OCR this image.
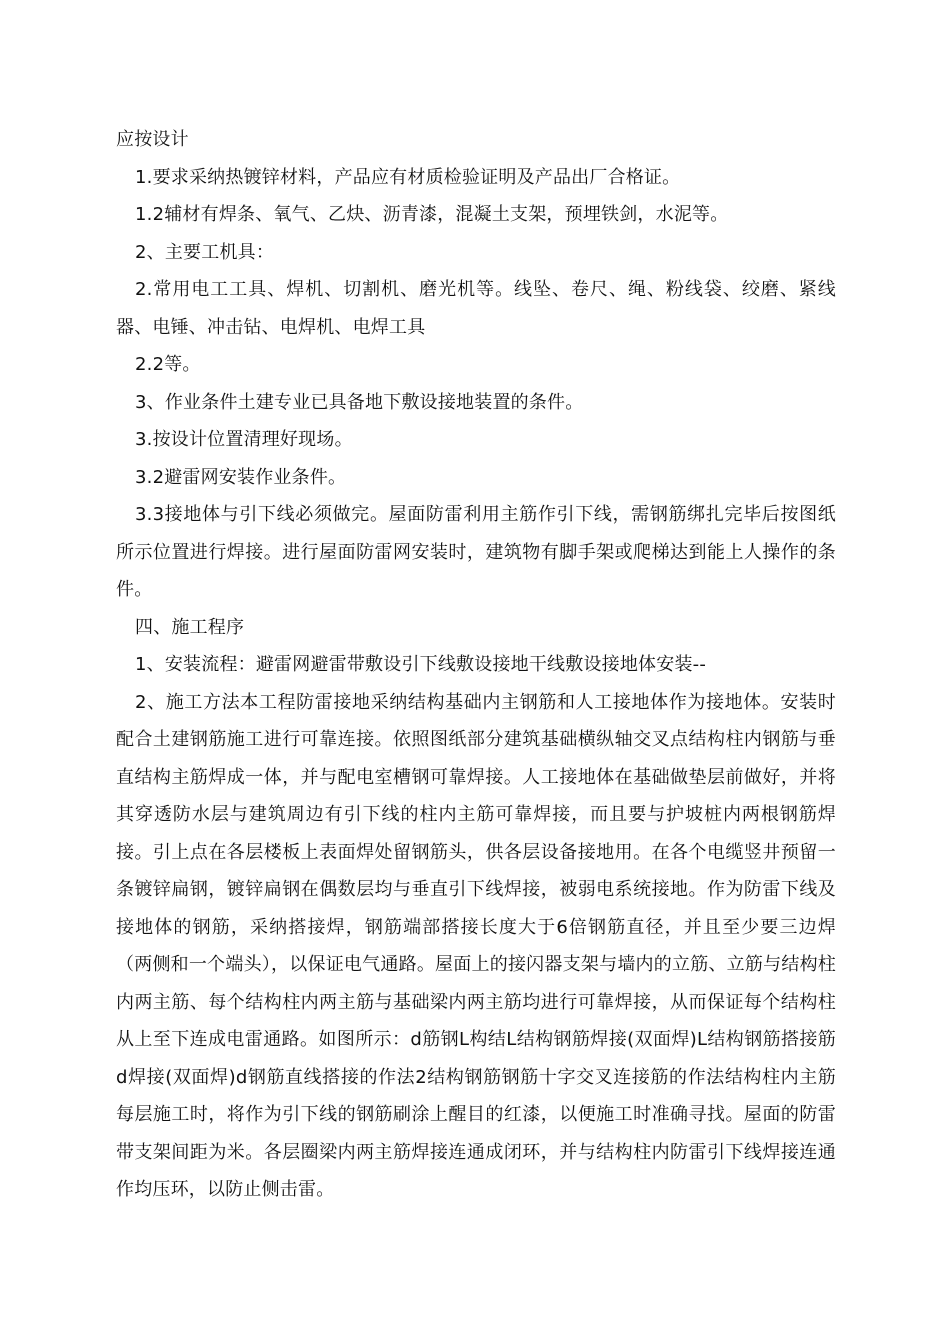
应按设计

1.要求采纳热镀锌材料，产品应有材质检验证明及产品出厂合格证。

1.2辅材有焊条、氧气、乙炔、沥青漆，混凝土支架，预埋铁剑，水泥等。

2、主要工机具：

2.常用电工工具、焊机、切割机、磨光机等。线坠、卷尺、绳、粉线袋、绞磨、紧线器、电锤、冲击钻、电焊机、电焊工具

2.2等。

3、作业条件土建专业已具备地下敷设接地装置的条件。

3.按设计位置清理好现场。

3.2避雷网安装作业条件。

3.3接地体与引下线必须做完。屋面防雷利用主筋作引下线，需钢筋绑扎完毕后按图纸所示位置进行焊接。进行屋面防雷网安装时，建筑物有脚手架或爬梯达到能上人操作的条件。

四、施工程序

1、安装流程：避雷网避雷带敷设引下线敷设接地干线敷设接地体安装--

2、施工方法本工程防雷接地采纳结构基础内主钢筋和人工接地体作为接地体。安装时配合土建钢筋施工进行可靠连接。依照图纸部分建筑基础横纵轴交叉点结构柱内钢筋与垂直结构主筋焊成一体，并与配电室槽钢可靠焊接。人工接地体在基础做垫层前做好，并将其穿透防水层与建筑周边有引下线的柱内主筋可靠焊接，而且要与护坡桩内两根钢筋焊接。引上点在各层楼板上表面焊处留钢筋头，供各层设备接地用。在各个电缆竖井预留一条镀锌扁钢，镀锌扁钢在偶数层均与垂直引下线焊接，被弱电系统接地。作为防雷下线及接地体的钢筋，采纳搭接焊，钢筋端部搭接长度大于6倍钢筋直径，并且至少要三边焊（两侧和一个端头），以保证电气通路。屋面上的接闪器支架与墙内的立筋、立筋与结构柱内两主筋、每个结构柱内两主筋与基础梁内两主筋均进行可靠焊接，从而保证每个结构柱从上至下连成电雷通路。如图所示：d筋钢L构结L结构钢筋焊接(双面焊)L结构钢筋搭接筋d焊接(双面焊)d钢筋直线搭接的作法2结构钢筋钢筋十字交叉连接筋的作法结构柱内主筋每层施工时，将作为引下线的钢筋刷涂上醒目的红漆，以便施工时准确寻找。屋面的防雷带支架间距为米。各层圈梁内两主筋焊接连通成闭环，并与结构柱内防雷引下线焊接连通作均压环，以防止侧击雷。
